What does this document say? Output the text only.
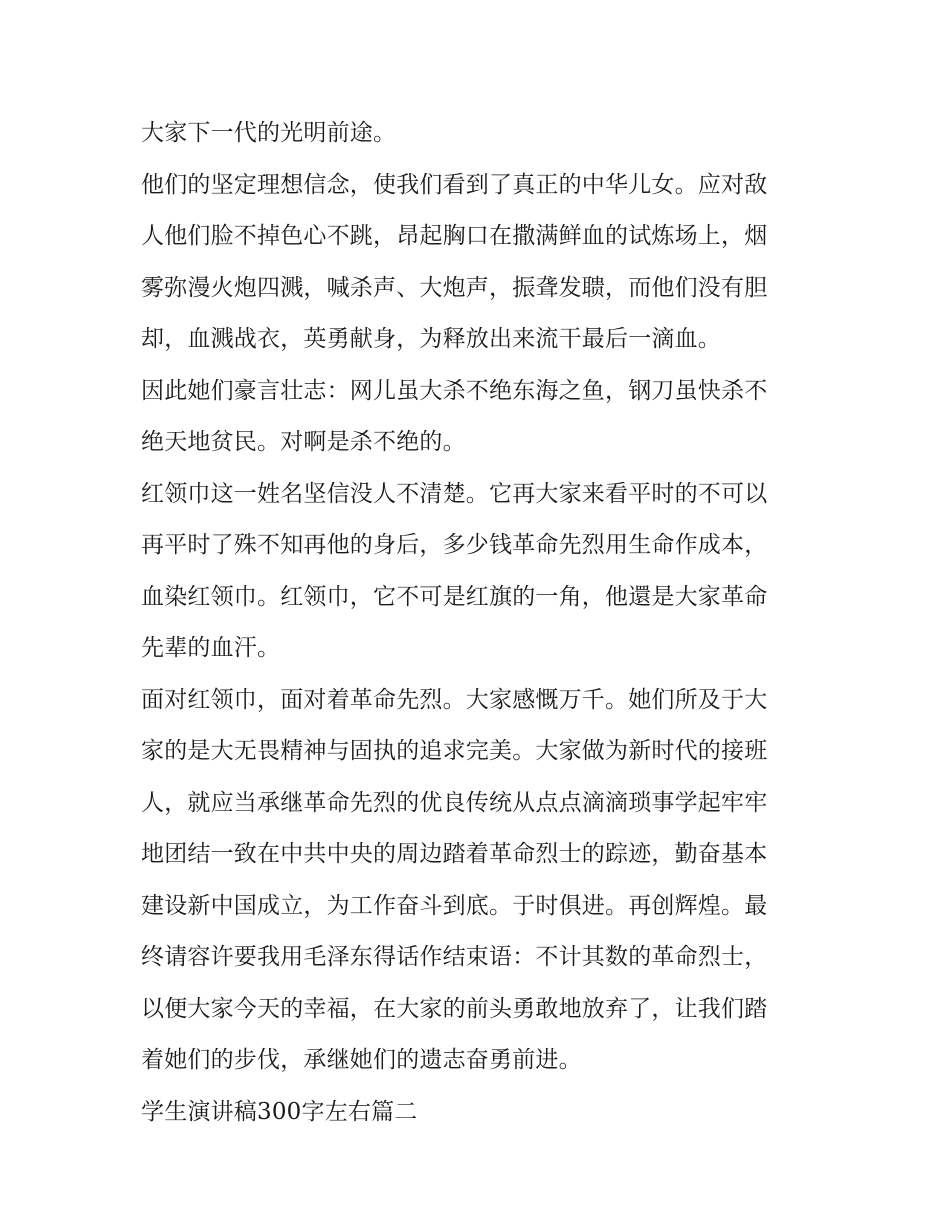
大家下一代的光明前途。
他们的坚定理想信念，使我们看到了真正的中华儿女。应对敌
人他们脸不掉色心不跳，昂起胸口在撒满鲜血的试炼场上，烟
雾弥漫火炮四溅，喊杀声、大炮声，振聋发聩，而他们没有胆
却，血溅战衣，英勇献身，为释放出来流干最后一滴血。
因此她们豪言壮志：网儿虽大杀不绝东海之鱼，钢刀虽快杀不
绝天地贫民。对啊是杀不绝的。
红领巾这一姓名坚信没人不清楚。它再大家来看平时的不可以
再平时了殊不知再他的身后，多少钱革命先烈用生命作成本，
血染红领巾。红领巾，它不可是红旗的一角，他還是大家革命
先辈的血汗。
面对红领巾，面对着革命先烈。大家感慨万千。她们所及于大
家的是大无畏精神与固执的追求完美。大家做为新时代的接班
人，就应当承继革命先烈的优良传统从点点滴滴琐事学起牢牢
地团结一致在中共中央的周边踏着革命烈士的踪迹，勤奋基本
建设新中国成立，为工作奋斗到底。于时俱进。再创辉煌。最
终请容许要我用毛泽东得话作结束语：不计其数的革命烈士，
以便大家今天的幸福，在大家的前头勇敢地放弃了，让我们踏
着她们的步伐，承继她们的遗志奋勇前进。
学生演讲稿300字左右篇二
